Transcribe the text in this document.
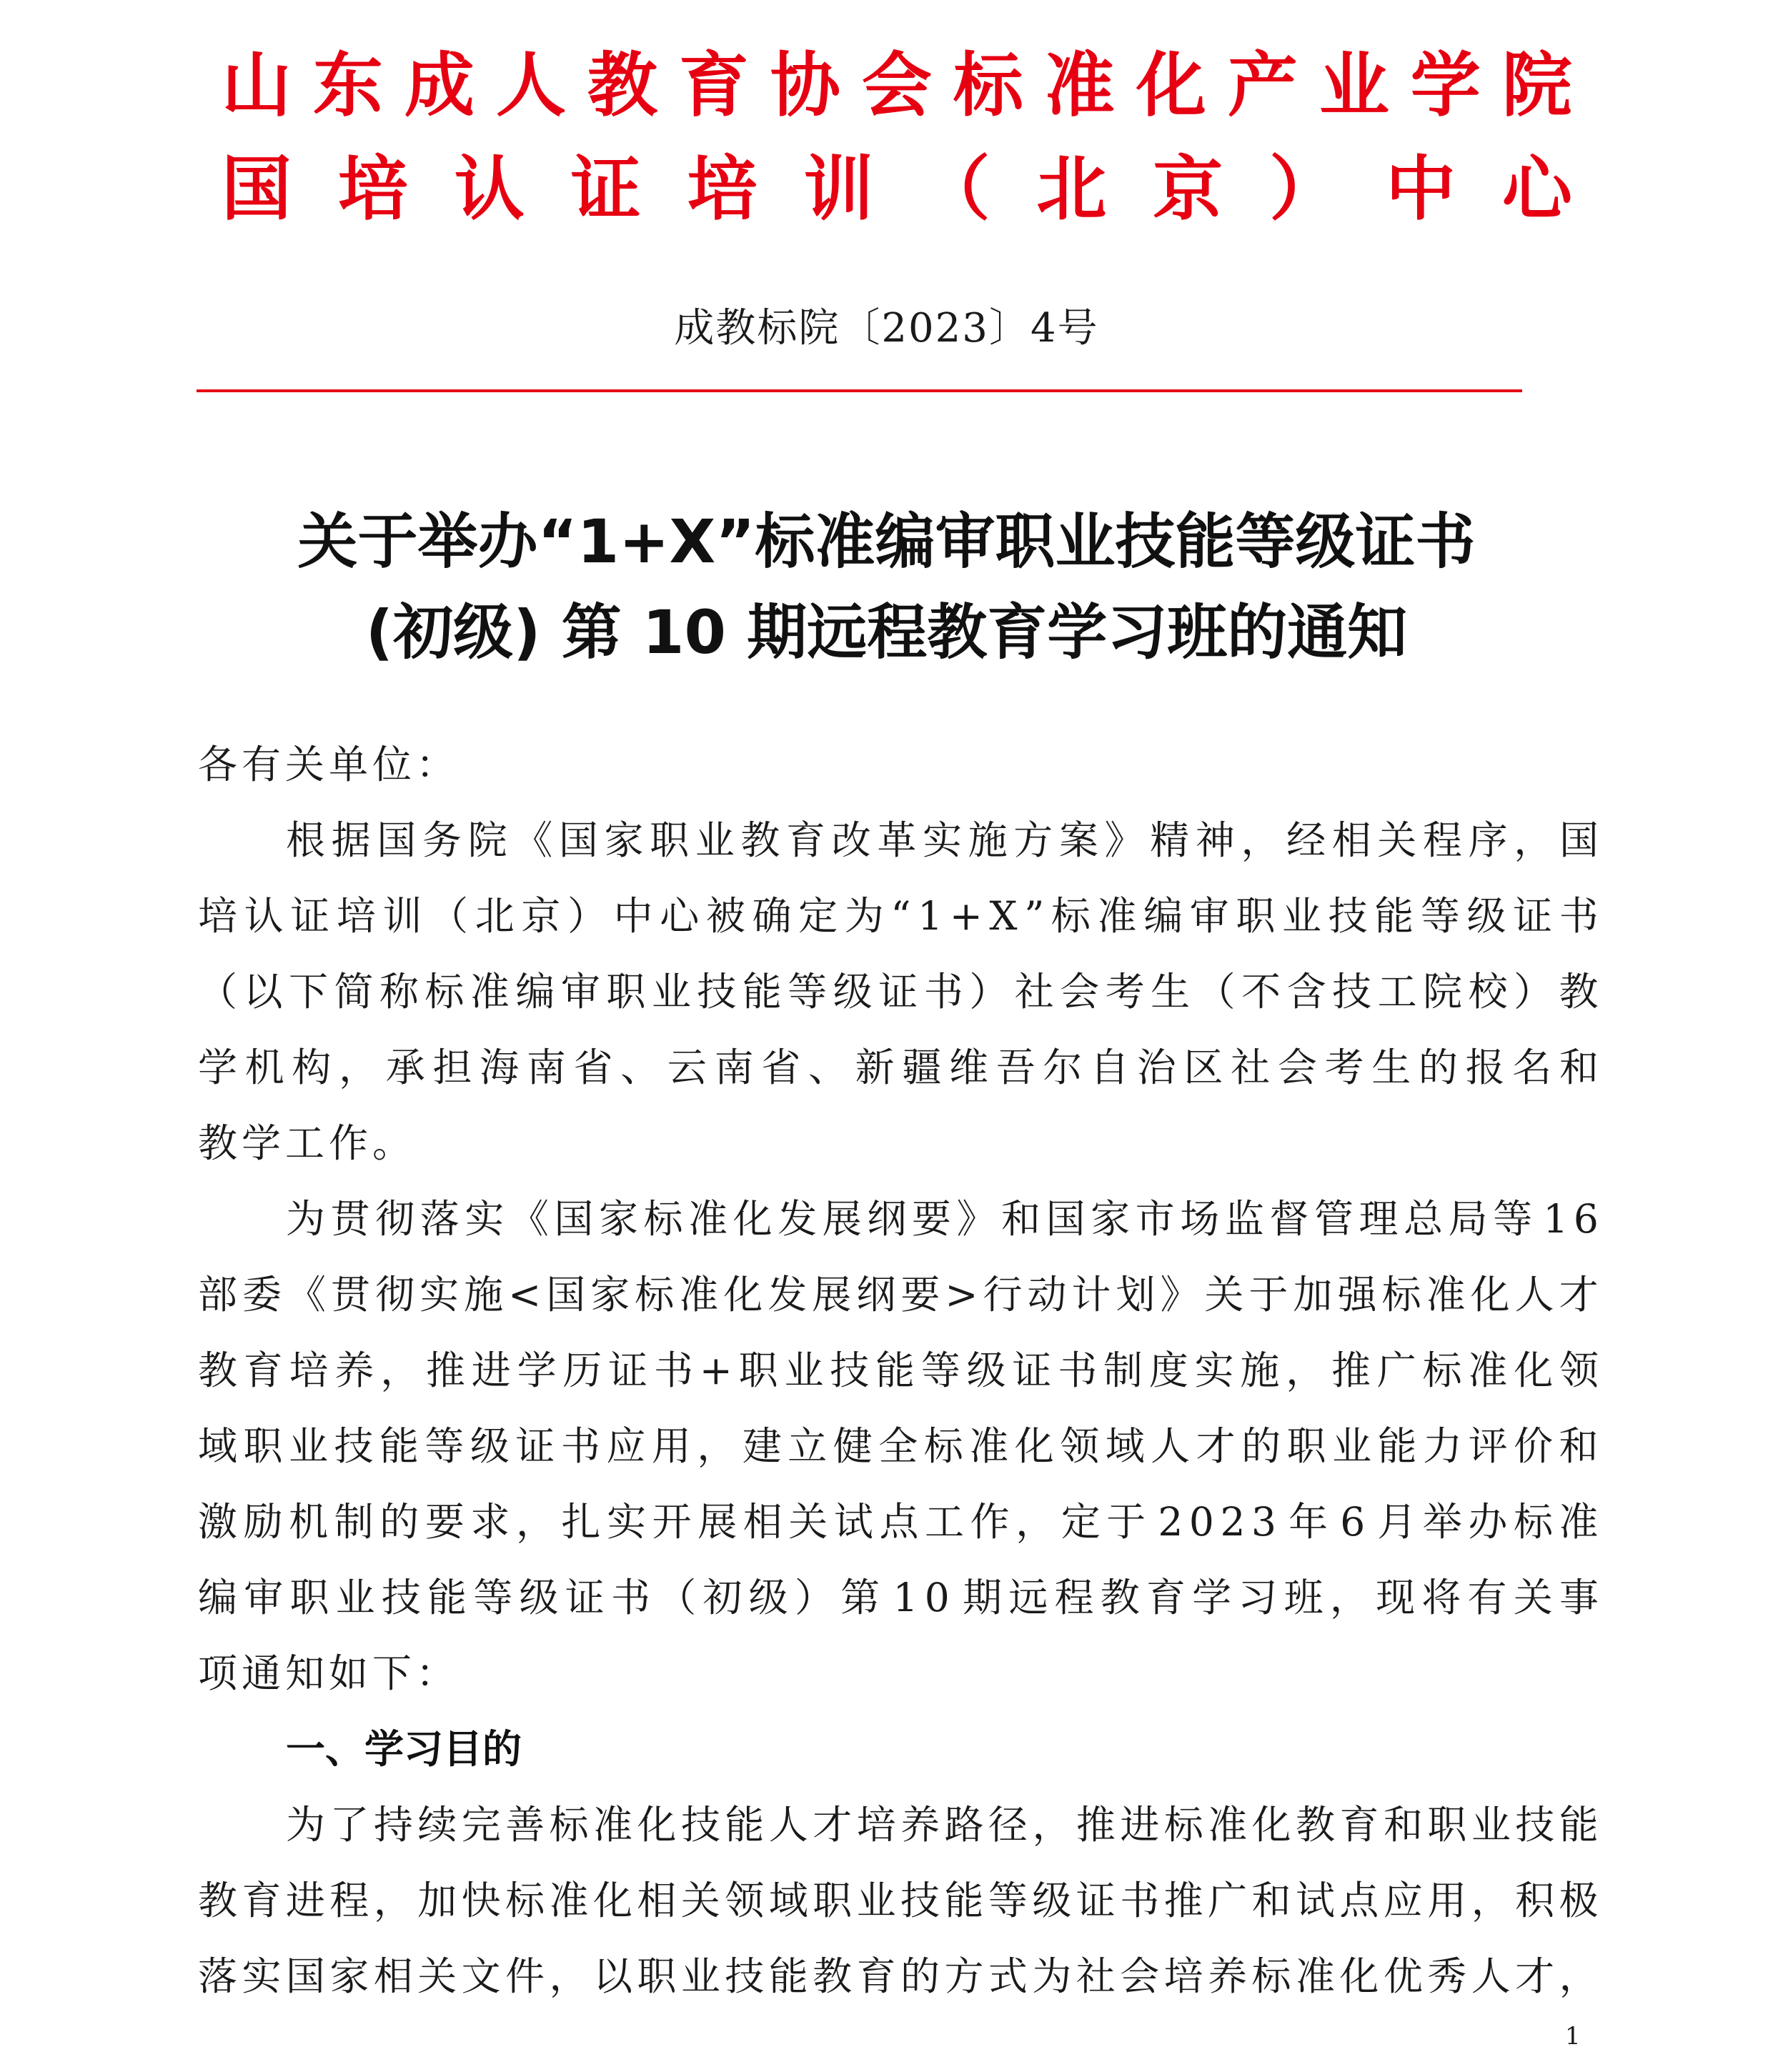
山 东 成 人 教 育 协 会 标 准 化 产 业 学 院
国 培 认 证 培 训 （ 北 京 ） 中 心
成教标院〔2023〕4号
关于举办“1+X”标准编审职业技能等级证书
(初级) 第 10 期远程教育学习班的通知
各有关单位：
根 据 国 务 院 《 国 家 职 业 教 育 改 革 实 施 方 案 》 精 神 ， 经 相 关 程 序 ， 国
培 认 证 培 训 （ 北 京 ） 中 心 被 确 定 为 “ 1 + X ” 标 准 编 审 职 业 技 能 等 级 证 书
（ 以 下 简 称 标 准 编 审 职 业 技 能 等 级 证 书 ） 社 会 考 生 （ 不 含 技 工 院 校 ） 教
学 机 构 ， 承 担 海 南 省 、 云 南 省 、 新 疆 维 吾 尔 自 治 区 社 会 考 生 的 报 名 和
教学工作。
为 贯 彻 落 实 《 国 家 标 准 化 发 展 纲 要 》 和 国 家 市 场 监 督 管 理 总 局 等 1 6
部 委 《 贯 彻 实 施 < 国 家 标 准 化 发 展 纲 要 > 行 动 计 划 》 关 于 加 强 标 准 化 人 才
教 育 培 养 ， 推 进 学 历 证 书 + 职 业 技 能 等 级 证 书 制 度 实 施 ， 推 广 标 准 化 领
域 职 业 技 能 等 级 证 书 应 用 ， 建 立 健 全 标 准 化 领 域 人 才 的 职 业 能 力 评 价 和
激 励 机 制 的 要 求 ， 扎 实 开 展 相 关 试 点 工 作 ， 定 于 2 0 2 3 年 6 月 举 办 标 准
编 审 职 业 技 能 等 级 证 书 （ 初 级 ） 第 1 0 期 远 程 教 育 学 习 班 ， 现 将 有 关 事
项通知如下：
一、学习目的
为 了 持 续 完 善 标 准 化 技 能 人 才 培 养 路 径 ， 推 进 标 准 化 教 育 和 职 业 技 能
教 育 进 程 ， 加 快 标 准 化 相 关 领 域 职 业 技 能 等 级 证 书 推 广 和 试 点 应 用 ， 积 极
落 实 国 家 相 关 文 件 ， 以 职 业 技 能 教 育 的 方 式 为 社 会 培 养 标 准 化 优 秀 人 才 ，
1
